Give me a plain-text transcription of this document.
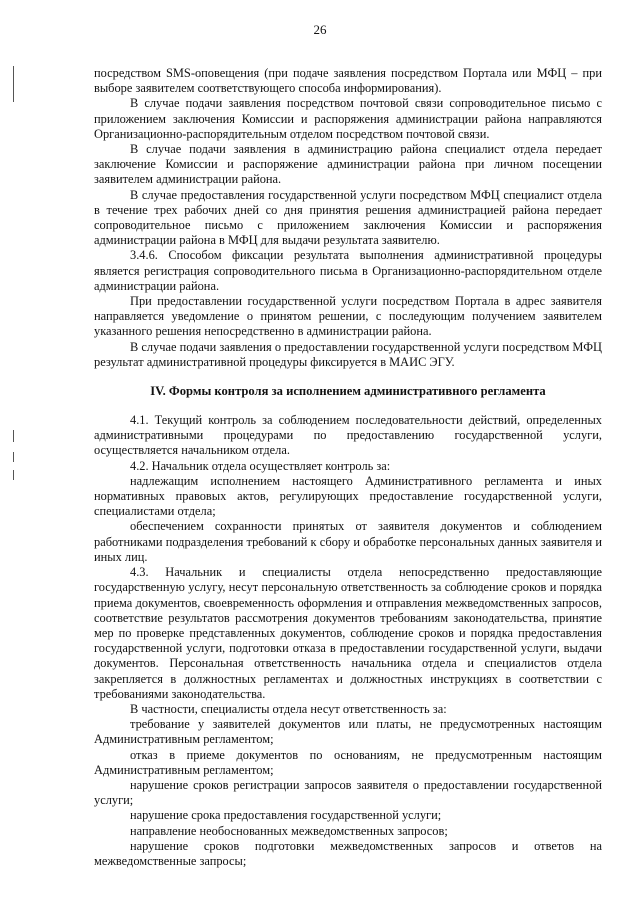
26

посредством SMS-оповещения (при подаче заявления посредством Портала или МФЦ – при выборе заявителем соответствующего способа информирования).

В случае подачи заявления посредством почтовой связи сопроводительное письмо с приложением заключения Комиссии и распоряжения администрации района направляются Организационно-распорядительным отделом посредством почтовой связи.

В случае подачи заявления в администрацию района специалист отдела передает заключение Комиссии и распоряжение администрации района при личном посещении заявителем администрации района.

В случае предоставления государственной услуги посредством МФЦ специалист отдела в течение трех рабочих дней со дня принятия решения администрацией района передает сопроводительное письмо с приложением заключения Комиссии и распоряжения администрации района в МФЦ для выдачи результата заявителю.

3.4.6. Способом фиксации результата выполнения административной процедуры является регистрация сопроводительного письма в Организационно-распорядительном отделе администрации района.

При предоставлении государственной услуги посредством Портала в адрес заявителя направляется уведомление о принятом решении, с последующим получением заявителем указанного решения непосредственно в администрации района.

В случае подачи заявления о предоставлении государственной услуги посредством МФЦ результат административной процедуры фиксируется в МАИС ЭГУ.

IV. Формы контроля за исполнением административного регламента

4.1. Текущий контроль за соблюдением последовательности действий, определенных административными процедурами по предоставлению государственной услуги, осуществляется начальником отдела.

4.2. Начальник отдела осуществляет контроль за:

надлежащим исполнением настоящего Административного регламента и иных нормативных правовых актов, регулирующих предоставление государственной услуги, специалистами отдела;

обеспечением сохранности принятых от заявителя документов и соблюдением работниками подразделения требований к сбору и обработке персональных данных заявителя и иных лиц.

4.3. Начальник и специалисты отдела непосредственно предоставляющие государственную услугу, несут персональную ответственность за соблюдение сроков и порядка приема документов, своевременность оформления и отправления межведомственных запросов, соответствие результатов рассмотрения документов требованиям законодательства, принятие мер по проверке представленных документов, соблюдение сроков и порядка предоставления государственной услуги, подготовки отказа в предоставлении государственной услуги, выдачи документов. Персональная ответственность начальника отдела и специалистов отдела закрепляется в должностных регламентах и должностных инструкциях в соответствии с требованиями законодательства.

В частности, специалисты отдела несут ответственность за:

требование у заявителей документов или платы, не предусмотренных настоящим Административным регламентом;

отказ в приеме документов по основаниям, не предусмотренным настоящим Административным регламентом;

нарушение сроков регистрации запросов заявителя о предоставлении государственной услуги;

нарушение срока предоставления государственной услуги;

направление необоснованных межведомственных запросов;

нарушение сроков подготовки межведомственных запросов и ответов на межведомственные запросы;
